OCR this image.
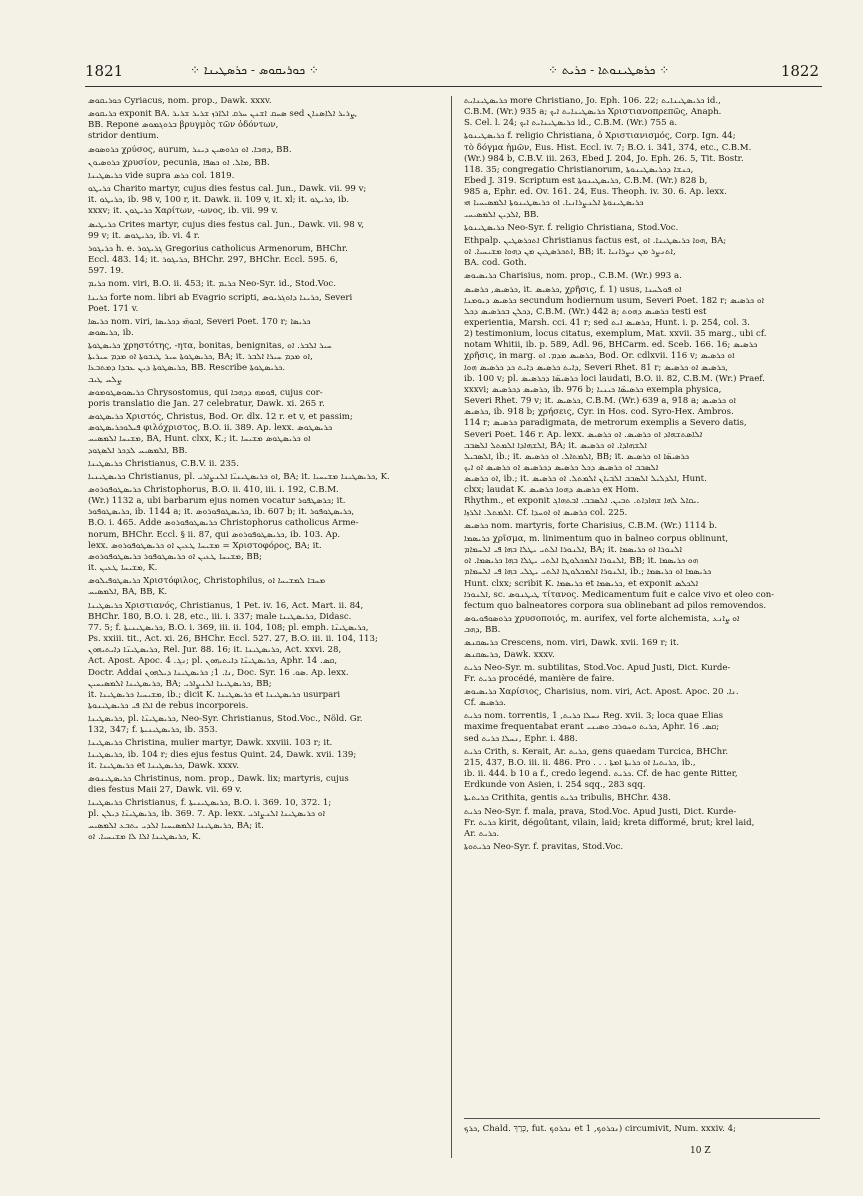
1821	⁘ ܟܘܪܝܩܘܣ - ܟܪܣܛܝܢܐ ⁘	⁘ ܟܪܣܛܝܢܘܬܐ - ܟܪܝܬ ⁘	1822
ܟܘܪܝܩܘܣ Cyriacus, nom. prop., Dawk. xxxv.
ܟܪܝܩܘܣ exponit BA. ܣܚܩ ܐܫܢܢ ܚܪܩ ܐܠܐܪܙ ܫܪܝܪ ܫܪܝܪ sed ܨܪܝܪ ܐܠܐܣܢܐܢ,
BB. Repone ܒܪܘܓܡܘܣ βρυγμὸς τῶν ὀδόντων,
stridor dentium.
ܟܪܘܣܘܣ χρύσος, aurum, ܕܗܒܐ. ܐܘ ܟܪܘܣܝܢ ܕܝܢܪ, BB.
ܟܪܘܣܝܘܢ χρυσίον, pecunia, ܡܐܠ. ܐܘ ܟܣܦܐ, BB.
ܟܪܝܣܛܝܢܐ vide supra ܟܪܣ col. 1819.
ܟܪܝܛܘ Charito martyr, cujus dies festus cal. Jun., Dawk. vii. 99 v;
it. ܟܪܝܛܘ, ib. 98 v, 100 r, it. Dawk. ii. 109 v, it. xl; it. ܟܪܝܛܘ, ib.
xxxv; it. ܟܪܝܛܘܢ Χαρίτων, -ωνος, ib. vii. 99 v.
ܟܪܝܛܝܣ Crites martyr, cujus dies festus cal. Jun., Dawk. vii. 98 v,
99 v; it. ܟܪܝܛܘܣ, ib. vi. 4 r.
ܟܪܝܓܘܪ h. e. ܓܪܝܓܘܪ Gregorius catholicus Armenorum, BHChr.
Eccl. 483. 14; it. ܟܪܝܓܘܪ, BHChr. 297, BHChr. Eccl. 595. 6,
597. 19.
ܟܪܝܡ nom. viri, B.O. ii. 453; it. ܟܪܝܡ Neo-Syr. id., Stod.Voc.
ܟܪܝܢܐ forte nom. libri ab Evagrio scripti, ܟܪܝܢܐ ܕܐܘܓܪܝܘܣ, Severi
Poet. 171 v.
ܟܪܝܣܐ nom. viri, ܐܒܘܗ̈ܝ ܕܟܪܝܣܐ, Severi Poet. 170 r; ܟܪܝܣܐ
ܟܪܝܣܘܣ, ib.
ܟܪܝܣܛܘܬܐ χρηστότης, -ητα, bonitas, benignitas, ܚܝܪ ܐܠܒܪ. ܐܘ
ܟܪܝܣܛܘܬܐ ܚܝܪ ܛܝܒܘܬܐ ܐܘ ܡܕܡ ܚܝܪܝܬܐ, BA; it. ܐܘ ܡܕܡ ܚܝܪܐ ܐܠܒܪ,
ܟܪܝܣܛܘܬܐ ܕܝܢ ܥܒܕܐ ܕܡܬܒܥܐ, BB. Rescribe ܟܪܝܣܛܘܬܐ.
ܨܠܚ ܛܝܒ
ܟܪܝܣܘܣܛܘܡܘܣ Chrysostomus, qui ܦܘܡܗ ܕܕܗܒܐ, cujus cor-
poris translatio die Jan. 27 celebratur, Dawk. xi. 265 r.
ܟܪܝܣܛܘܣ Χριστός, Christus, Bod. Or. dlx. 12 r. et v, et passim;
ܦܝܠܘܟܪܝܣܛܘܣ φιλόχριστος, B.O. ii. 389. Ap. lexx. ܟܪܝܣܛܘܣ
ܡܫܝܚܐ ܐܠܡܣܝܚ, BA, Hunt. clxx, K.; it. ܐܘ ܟܪܝܣܛܘܣ ܡܫܝܚܐ
ܐܠܡܣܝܚ ܠܕܟܪ ܐܠܣܓܘܕ, BB.
ܟܪܝܣܛܝܢܐ Christianus, C.B.V. ii. 235.
ܟܪܝܣܛܝܢܝܐ Christianus, pl. ܐܘ ܟܪܝܣܛܝܢܝ̈ܐ ܐܠܢܨܐܪܝ, BA; it. ܟܪܝܣܛܝܢܐ ܡܫܝܚܝܐ, K.
ܟܪܝܣܛܘܦܘܪܘܣ Christophorus, B.O. ii. 410, iii. i. 192, C.B.M.
(Wr.) 1132 a, ubi barbarum ejus nomen vocatur ܟܪܣܛܦܘܪ; it.
ܟܪܝܣܛܘܦܘܪ, ib. 1144 a; it. ܟܪܝܣܛܘܦܘܪܘܣ, ib. 607 b; it. ܟܪܝܣܛܘܦܘܪ,
B.O. i. 465. Adde ܟܪܝܣܛܘܦܘܪܘܣ Christophorus catholicus Arme-
norum, BHChr. Eccl. § ii. 87, qui ܟܪܝܣܛܘܦܘܪܘܣ, ib. 103. Ap.
lexx. ܡܫܝܚܐ ܛܥܝܢ ܐܘ ܟܪܝܣܛܘܦܘܪܘܣ = Χριστοφόρος, BA; it.
ܡܫܝܚܐ ܛܥܝܢ ܐܘ ܟܪܝܣܛܘܦܘܪ ܟܪܝܣܛܘܦܘܪܘܣ, BB;
it. ܡܫܝܚܐ ܛܥܝܢ, K.
ܟܪܝܣܛܘܦܝܠܘܣ Χριστόφιλος, Christophilus, ܡܚܒܐ ܠܡܫܝܚܐ ܐܘ
ܐܠܡܣܝܚ, BA, BB, K.
ܟܪܝܣܛܝܢܐ Χριστιανός, Christianus, 1 Pet. iv. 16, Act. Mart. ii. 84,
BHChr. 180, B.O. i. 28, etc., iii. i. 337; male ܟܪܝܣܛܝܢܐ, Didasc.
77. 5; f. ܟܪܝܣܛܝܢܝܬܐ, B.O. i. 369, iii. ii. 104, 108; pl. emph. ܟܪܝܣܛܝܢ̈ܐ,
Ps. xxiii. tit., Act. xi. 26, BHChr. Eccl. 527. 27, B.O. iii. ii. 104, 113;
ܟܪܝܣܛܝܢ̈ܐ ܕܐܝܬܝܗܘܢ, Rel. Jur. 88. 16; it. ܟܪܝܣܛܝܢܐ, Act. xxvi. 28,
Act. Apost. Apoc. ܢܓ. 4; pl. ܟܪܝܣܛܝܢ̈ܐ ܕܐܝܬܝܗܘܢ, Aphr. ܩܣ. 14,
Doctr. Addai ܢܐ. 1; ܟܪܝܣܛܝܢܐ ܕܝܠܗܘܢ, Doc. Syr. ܣܘ. 16. Ap. lexx.
ܟܪܝܣܛܝܢܐ ܐܠܡܣܝܚܝܢ, BA; ܟܪܝܣܛܝܢܐ ܐܠܢܨܐܪܝ, BB;
it. ܡܫܝܚܝܐ ܟܪܝܣܛܝܢܐ, ib.; dicit K. ܟܪܝܣܛܝܢܐ et ܟܪܝܣܛܝܢܐ usurpari
ܐܠܐ ܦܝ ܟܪܝܣܛܝܢܘܬܐ de rebus incorporeis.
ܟܪܝܣܛܝܢܐ, pl. ܟܪܝܣܛܝܢ̈ܐ, Neo-Syr. Christianus, Stod.Voc., Nöld. Gr.
132, 347; f. ܟܪܝܣܛܝܢܝܬܐ, ib. 353.
ܟܪܝܣܛܝܢܐ Christina, mulier martyr, Dawk. xxviii. 103 r; it.
ܟܪܝܣܛܝܢܐ, ib. 104 r; dies ejus festus Quint. 24, Dawk. xvii. 139;
it. ܟܪܝܣܛܝܢܐ et ܟܪܝܣܛܝܢܐ, Dawk. xxxv.
ܟܪܝܣܛܝܢܘܣ Christinus, nom. prop., Dawk. lix; martyris, cujus
dies festus Maii 27, Dawk. vii. 69 v.
ܟܪܝܣܛܝܢܐ Christianus, f. ܟܪܝܣܛܝܢܝܬܐ, B.O. i. 369. 10, 372. 1;
pl. ܟܪܝܣܛܝܢ̈ܐ ܕܝܠܢ, ib. 369. 7. Ap. lexx. ܐܘ ܟܪܝܣܛܝܢܐ ܐܠܢܨܐܪܝ
ܟܪܝܣܛܝܢܐ ܐܠܡܣܝܚܝܐ ܐܠܕܝ ܝܬܒܥ ܐܠܡܣܝܚ, BA; it.
ܟܪܝܣܛܝܢܐ ܐܠܐ ܠܐ ܡܫܝܚܝܐ. ܐܘ, K.
ܟܪܝܣܛܝܢܐܝܬ more Christiano, Jo. Eph. 106. 22; ܟܪܝܣܛܝܢܐܝܬ id.,
C.B.M. (Wr.) 935 a; ܟܪܝܣܛܝܢܐܝܬ ܐܝܟ Χριστιανοπρεπῶς, Anaph.
S. Cel. l. 24; ܟܪܝܣܛܝܢܐܝܬ ܐܝܟ id., C.B.M. (Wr.) 755 a.
ܟܪܝܣܛܝܢܘܬܐ f. religio Christiana, ὁ Χριστιανισμός, Corp. Ign. 44;
τὸ δόγμα ἡμῶν, Eus. Hist. Eccl. iv. 7; B.O. i. 341, 374, etc., C.B.M.
(Wr.) 984 b, C.B.V. iii. 263, Ebed J. 204, Jo. Eph. 26. 5, Tit. Bostr.
118. 35; congregatio Christianorum, ܟܢܫܐ ܕܟܪܝܣܛܝܢܘܬܐ,
Ebed J. 319. Scriptum est ܟܪܝܣܛܝܢܘܬܐ, C.B.M. (Wr.) 828 b,
985 a, Ephr. ed. Ov. 161. 24, Eus. Theoph. iv. 30. 6. Ap. lexx.
ܟܪܝܣܛܝܢܘܬܐ ܐܠܢܨܪܐܢܝܐ. ܐܘ ܟܪܝܣܛܝܢܘܬܐ ܐܠܡܣܝܚܝܐ ܗܝ
ܐܠܕܝܢ ܐܠܡܣܝܚܝ, BB.
ܟܪܝܣܛܝܢܘܬܐ Neo-Syr. f. religio Christiana, Stod.Voc.
Ethpalp. ܐܬܟܪܣܛܝܢ Christianus factus est, ܗܘܐ ܟܪܝܣܛܝܢܐ. ܐܘ, BA;
ܐܬܟܪܣܛܝܢ ܡܢ ܕܗܘܐ ܡܫܝܚܝܐ. ܐܘ, BB; it. ܐܬܢܨܪ ܡܢ ܢܨܪܐܢܝܐ,
BA. cod. Goth.
ܟܪܝܣܝܘܣ Charisius, nom. prop., C.B.M. (Wr.) 993 a.
ܟܪܣܝܣ, ܟܪܣܝܣ, it. ܟܪܣܝܣ, χρῆσις, f. 1) usus, ܐܘ ܦܘܠܚܢܐ
ܟܪܣܝܣ ܕܝܘܡܢܐ secundum hodiernum usum, Severi Poet. 182 r; ܐܘ ܟܪܣܝܣ
ܕܟܠܢ ܒܟܪܣܝܣ ܕܟܠ, C.B.M. (Wr.) 442 a; ܟܪܣܝܣ ܕܗܘܬ testi est
experientia, Marsh. cci. 41 r; sed ܟܪܣܝܣ ܐܝܬ, Hunt. i. p. 254, col. 3.
2) testimonium, locus citatus, exemplum, Mat. xxvii. 35 marg., ubi cf.
notam Whitii, ib. p. 589, Adl. 96, BHCarm. ed. Sceb. 166. 16; ܟܪܣܝܣ
χρῆσις, in marg. ܟܪܣܝܣ ܡܕܡ. ܐܘ, Bod. Or. cdlxvii. 116 v; ܐܘ ܟܪܣܝܣ
ܕܐܝܬ ܟܪܣܝܣ ܕܐܝܬ ܟܕ ܟܪܣܝܣ ܗܘܐ, Severi Rhet. 81 r; ܟܪܣܝܣ ܐܘ ܟܪܣܝܣ,
ib. 100 v; pl. ܟܪܣܝܣ̈ܐ ܕܟܪܣܝܣ loci laudati, B.O. ii. 82, C.B.M. (Wr.) Praef.
xxxvi; ܟܪܣܝܣ ܕܟܪܣܝܣ, ib. 976 b; ܟܪܣܝܣ̈ܐ ܟܝܢܝܐ exempla physica,
Severi Rhet. 79 v; it. ܟܪܣܝܣ, C.B.M. (Wr.) 639 a, 918 a; ܐܘ ܟܪܣܝܣ
ܟܪܣܝܣ, ib. 918 b; χρήσεις, Cyr. in Hos. cod. Syro-Hex. Ambros.
114 r; ܟܪܣܝܣ paradigmata, de metrorum exemplis a Severo datis,
Severi Poet. 146 r. Ap. lexx. ܐܠܐܣܬܫܗܐܕ ܐܘ ܟܪܣܝܣ. ܐܘ ܟܪܣܝܣ
ܐܠܫܗܐܕܐ ܐܠܡܬܠ ܐܠܣܒܒ, BA; it. ܐܠܫܗܐܕܐ. ܐܘ ܟܪܣܝܣ
ܐܠܣܒܝܠ, ib.; it. ܐܠܡܬܐܠ. ܐܘ ܟܪܣܝܣ, BB; it. ܟܪܣܝܣ̈ܐ ܐܘ ܟܪܣܝܣ
ܐܠܣܒܒ ܐܘ ܟܪܣܝܣ ܕܟܠ ܟܪܣܝܣ ܕܟܪܣܝܣ ܐܘ ܟܪܣܝܣ ܐܘ ܐܝܟ
ܐܘ ܟܪܣܝܣ, ib.; it. ܐܠܕܠܝܠ ܐܠܣܒܒ ܐܠܒܝܐܢ ܐܠܡܬܠ. ܐܘ ܟܪܣܝܣ, Hunt.
clxx; laudat K. ܟܪܣܝܣ ܕܗܘܐ ܟܪܣܝܣ ex Hom.
Rhythm., et exponit ܝܩܐܠ ܠܗܐ ܫܗܐܕܐܬ. ܬܒܝܢ. ܐܠܣܒܒ. ܐܒܬܗܐܓ.
ܐܠܡܬܠ. ܐܠܪܙܐ. Cf. ܟܪܣܝܣ ܐܘ ܐܘܚܕܐ col. 225.
ܟܪܣܝܣ nom. martyris, forte Charisius, C.B.M. (Wr.) 1114 b.
ܟܪܝܣܡܐ χρῖσμα, m. linimentum quo in balneo corpus oblinunt,
ܐܠܢܘܪܐ ܐܠܬܝ ܝܛܠܐ ܒܗܐ ܦܝ ܐܠܚܡܐܡ, BA; it. ܐܠܢܘܪܐ ܐܘ ܟܪܝܣܡܐ
ܐܠܢܘܪܐ ܐܠܡܟܠܘܛܐ ܐܠܬܝ ܝܛܠܐ ܒܗܐ ܟܪܝܣܡܐ. ܐܘ, BB; it. ܗܘ ܟܪܝܣܡܐ
ܐܠܢܘܪܐ ܐܠܡܟܠܘܛܐ ܐܠܬܝ ܝܛܠܝ ܒܗܐ ܦܝ ܐܠܚܡܐܡ, ib.; ܟܪܝܣܡܐ ܐܘ ܟܪܝܣܡܐ
Hunt. clxx; scribit K. ܟܪܝܣܡܐ et ܟܪܝܣܡܐ, et exponit ܐܠܟܠܣ
ܐܠܢܘܪܐ, sc. ܛܝܛܢܘܣ τίτανος. Medicamentum fuit e calce vivo et oleo con-
fectum quo balneatores corpora sua oblinebant ad pilos removendos.
ܟܪܘܣܘܦܘܝܘܣ χρυσοποιός, m. aurifex, vel forte alchemista, ܐܘ ܨܐܢܥ
ܕܗܒ, BB.
ܟܪܝܣܩܢܣ Crescens, nom. viri, Dawk. xvii. 169 r; it.
ܟܪܝܣܩܢܣ, Dawk. xxxv.
ܟܪܝܬ Neo-Syr. m. subtilitas, Stod.Voc. Apud Justi, Dict. Kurde-
Fr. ܟܪܝܬ procédé, manière de faire.
ܟܪܝܣܝܘܣ Χαρίσιος, Charisius, nom. viri, Act. Apost. Apoc. ܢܐ. 20.
Cf. ܟܪܣܝܣ.
ܟܪܝܬ nom. torrentis, ܢܚܠܐ ܟܪܝܬ, 1 Reg. xvii. 3; loca quae Elias
maxime frequentabat erant ܟܪܝܬ ܘܚܘܪܒ ܘܣܝܢܝ, Aphr. ܩܣ. 16;
sed ܢܚܠܐ ܟܪܝܬ, Ephr. i. 488.
ܟܪܝܬ Crith, s. Kerait, Ar. ܟܪܝܬ, gens quaedam Turcica, BHChr.
215, 437, B.O. iii. ii. 486. Pro . . . ܟܪܝܬܝܐ ܐܘ ܟܪܝܬܐ ܐܡܬܐ, ib.,
ib. ii. 444. b 10 a f., credo legend. ܟܪܝܬ. Cf. de hac gente Ritter,
Erdkunde von Asien, i. 254 sqq., 283 sqq.
ܟܪܝܬܝܬܐ Crithita, gentis ܟܪܝܬ tribulis, BHChr. 438.
ܟܪܝܬ Neo-Syr. f. mala, prava, Stod.Voc. Apud Justi, Dict. Kurde-
Fr. ܟܪܝܬ kirit, dégoûtant, vilain, laid; kreta difformé, brut; krel laid,
Ar. ܟܪܝܬ.
ܟܪܝܬܘܬܐ Neo-Syr. f. pravitas, Stod.Voc.
ܟܪܟ, Chald. כְּרַךְ, fut. ܢܟܪܘܟ et ܢܟܪܘܟ, 1) circumivit, Num. xxxiv. 4;
10 Z
